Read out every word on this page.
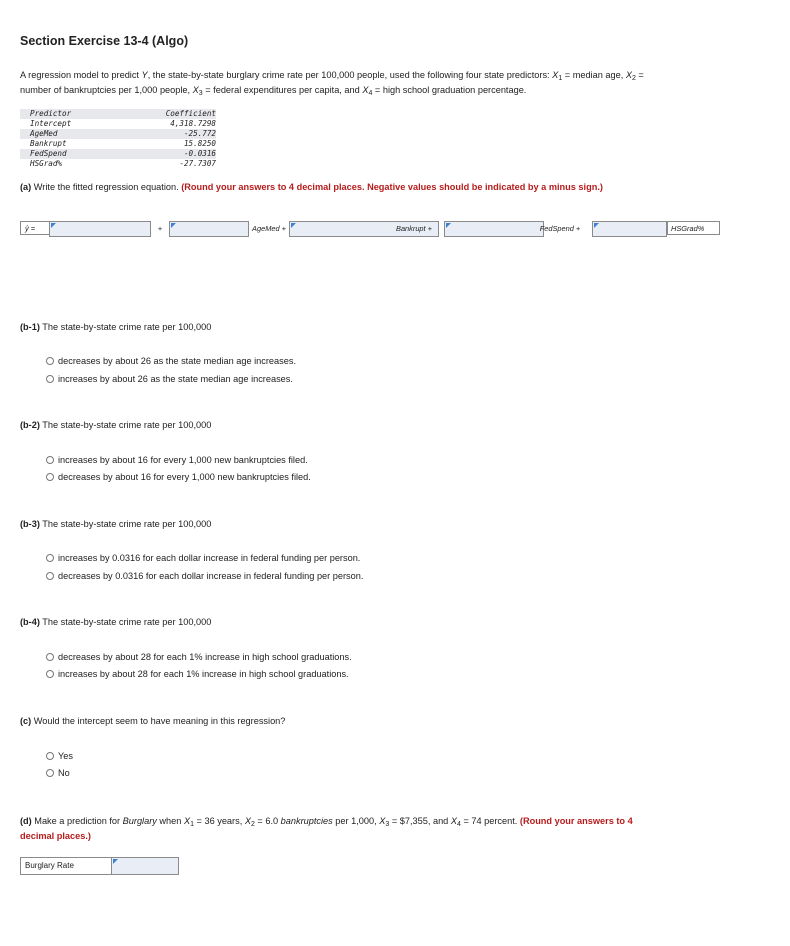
Section Exercise 13-4 (Algo)
A regression model to predict Y, the state-by-state burglary crime rate per 100,000 people, used the following four state predictors: $X_1$ = median age, $X_2$ = number of bankruptcies per 1,000 people, $X_3$ = federal expenditures per capita, and $X_4$ = high school graduation percentage.
Predictor	Coefficient
Intercept	4,318.7298
AgeMed	-25.772
Bankrupt	15.8250
FedSpend	-0.0316
HSGrad%	-27.7307
(a) Write the fitted regression equation. (Round your answers to 4 decimal places. Negative values should be indicated by a minus sign.)
ŷ =	+	AgeMed +	Bankrupt +	FedSpend +	HSGrad%
(b-1) The state-by-state crime rate per 100,000
decreases by about 26 as the state median age increases.
increases by about 26 as the state median age increases.
(b-2) The state-by-state crime rate per 100,000
increases by about 16 for every 1,000 new bankruptcies filed.
decreases by about 16 for every 1,000 new bankruptcies filed.
(b-3) The state-by-state crime rate per 100,000
increases by 0.0316 for each dollar increase in federal funding per person.
decreases by 0.0316 for each dollar increase in federal funding per person.
(b-4) The state-by-state crime rate per 100,000
decreases by about 28 for each 1% increase in high school graduations.
increases by about 28 for each 1% increase in high school graduations.
(c) Would the intercept seem to have meaning in this regression?
Yes
No
(d) Make a prediction for Burglary when $X_1 = 36$ years, $X_2 = 6.0$ bankruptcies per 1,000, $X_3$ = $7,355, and $X_4 = 74$ percent. (Round your answers to 4 decimal places.)
Burglary Rate
